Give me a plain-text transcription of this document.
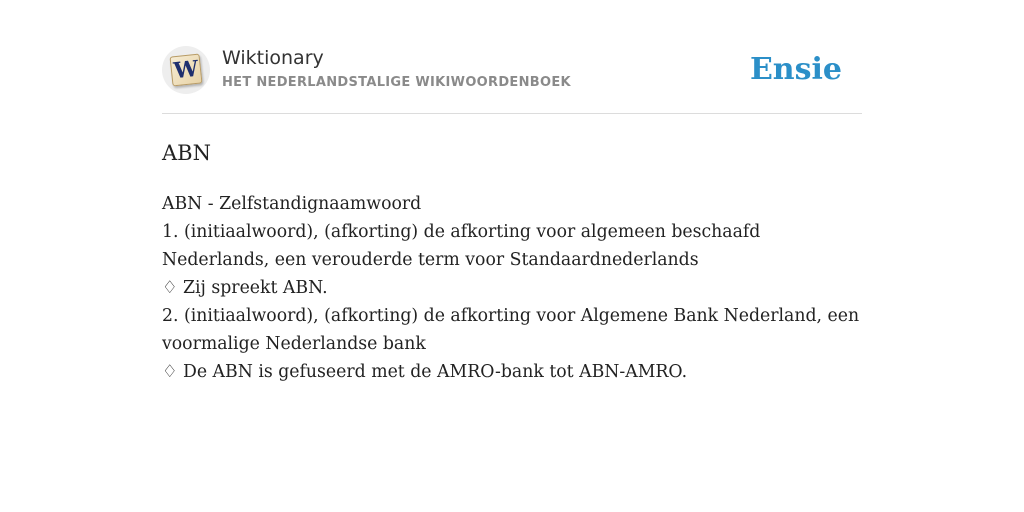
W Wiktionary
HET NEDERLANDSTALIGE WIKIWOORDENBOEK	Ensie
ABN

ABN - Zelfstandignaamwoord

1. (initiaalwoord), (afkorting) de afkorting voor algemeen beschaafd Nederlands, een verouderde term voor Standaardnederlands

♢ Zij spreekt ABN.

2. (initiaalwoord), (afkorting) de afkorting voor Algemene Bank Nederland, een voormalige Nederlandse bank

♢ De ABN is gefuseerd met de AMRO-bank tot ABN-AMRO.
